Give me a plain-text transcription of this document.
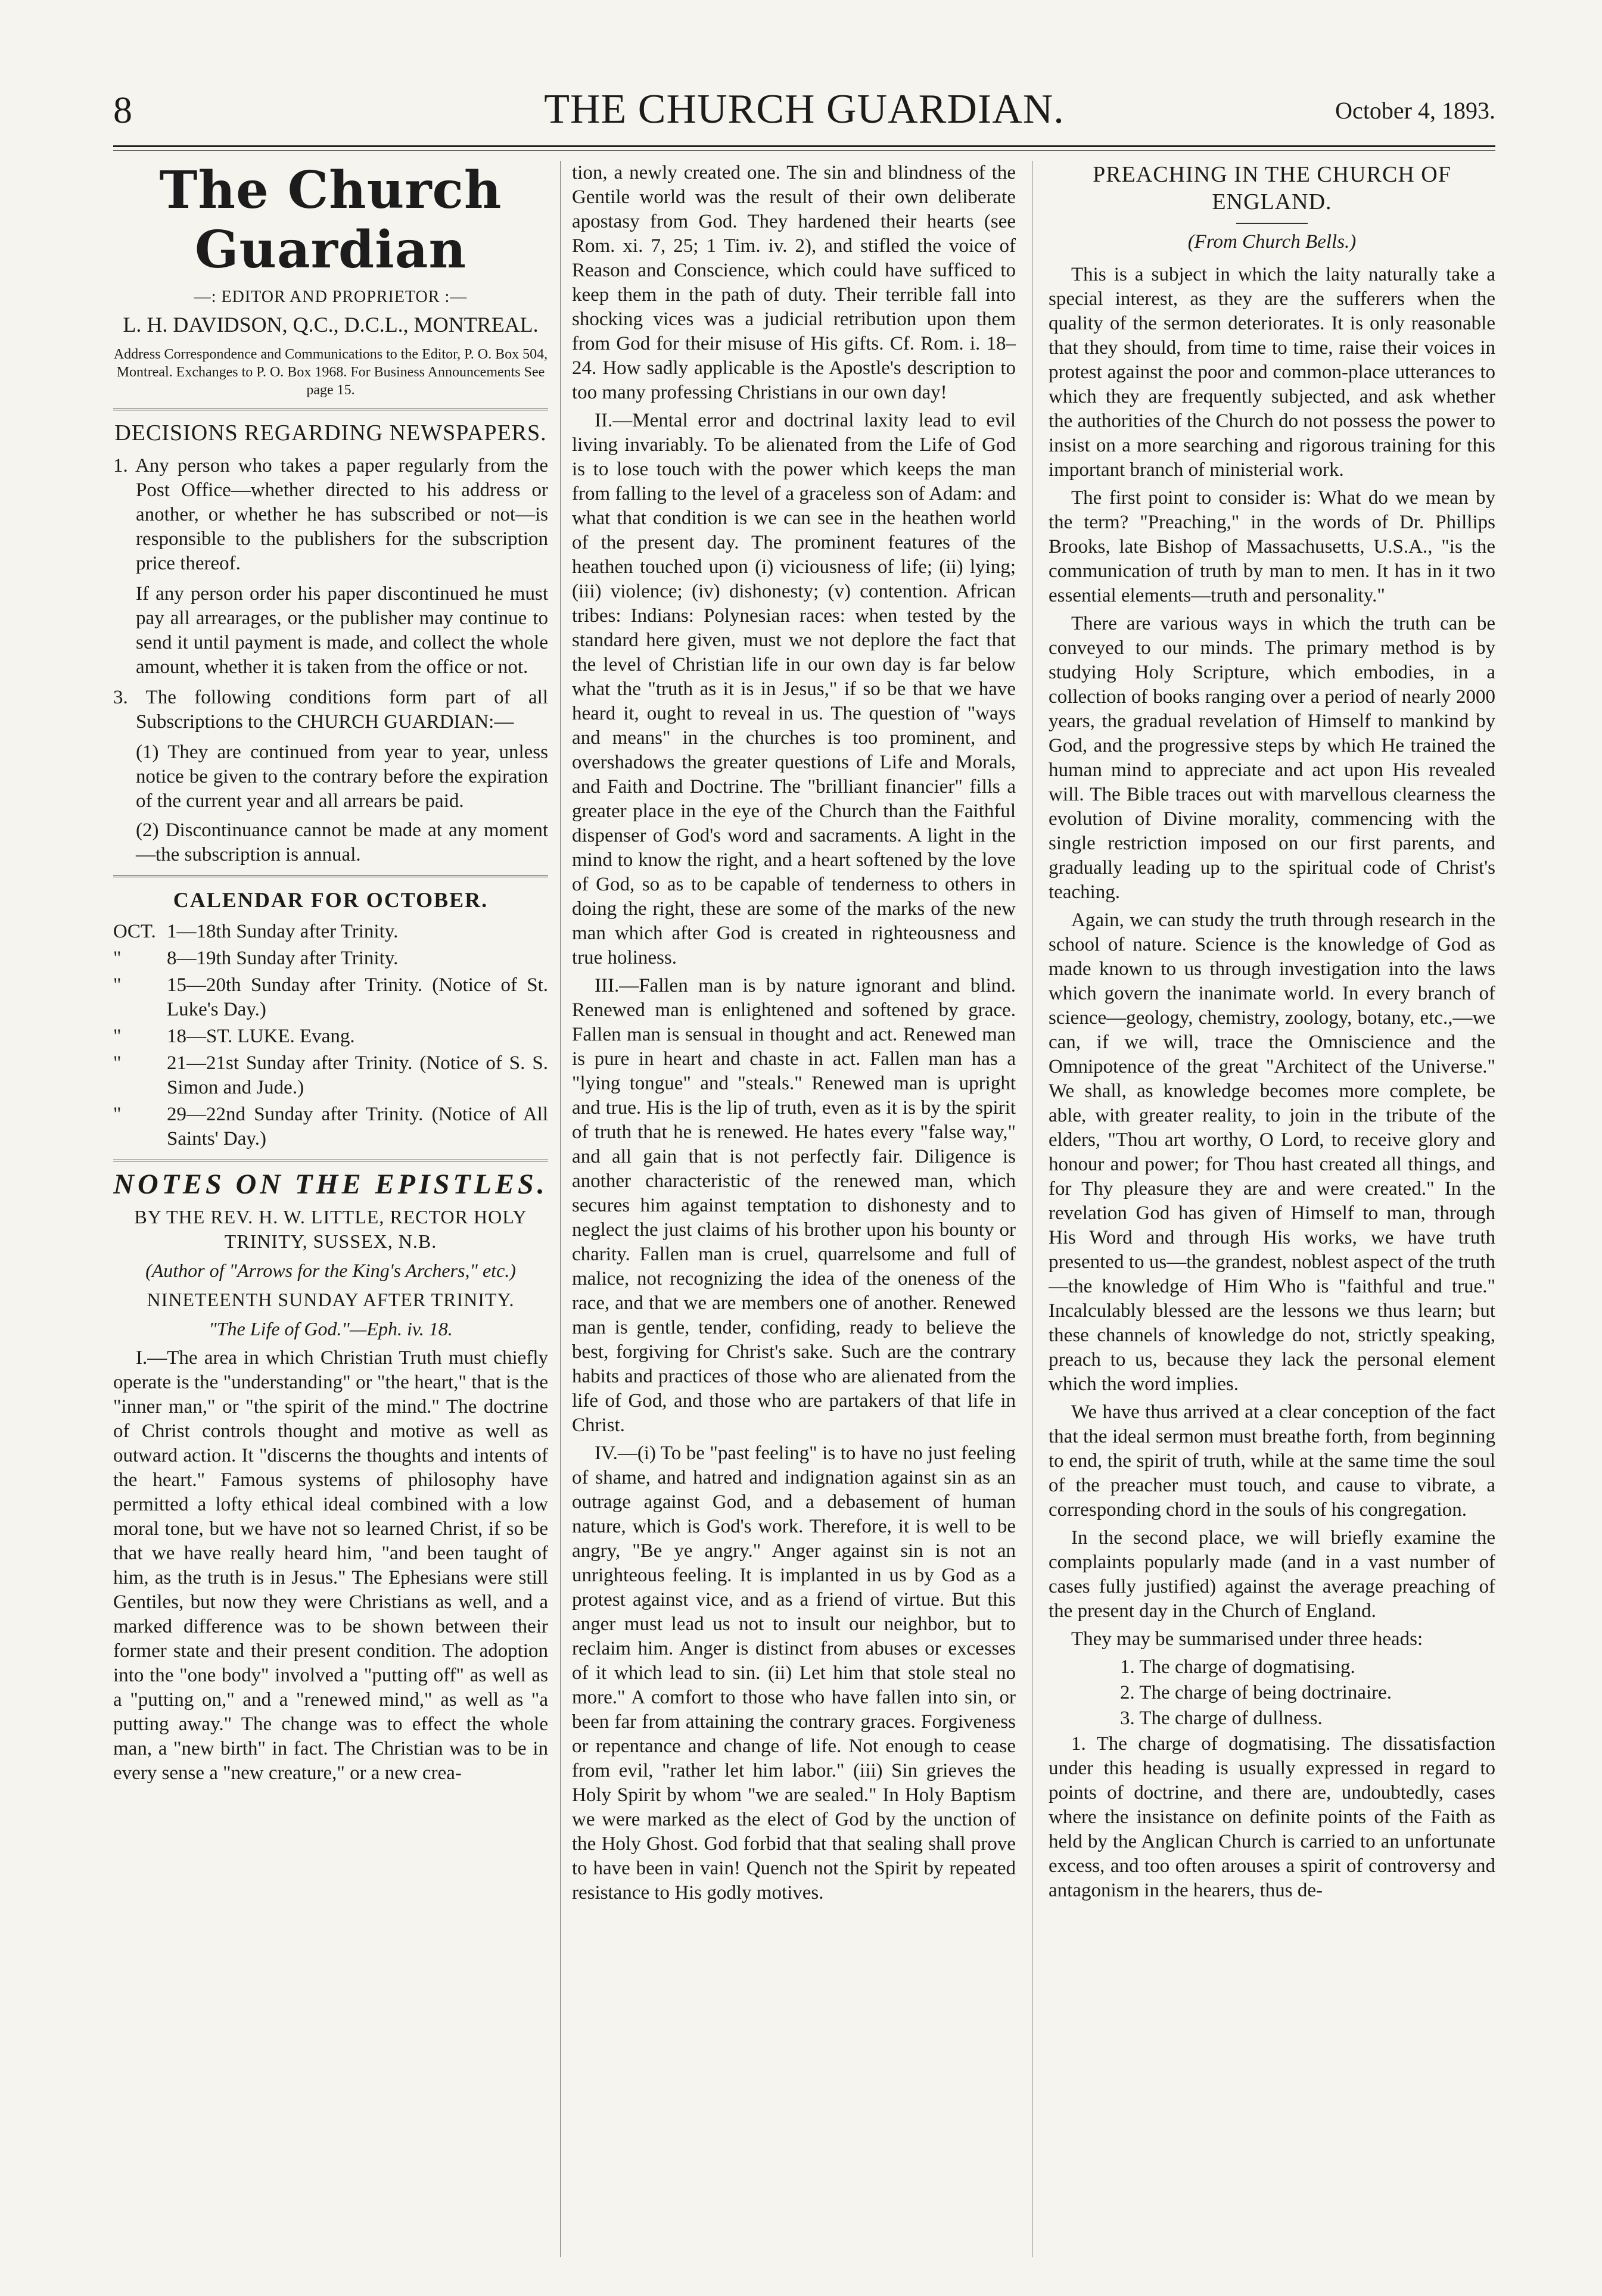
8	THE CHURCH GUARDIAN.	October 4, 1893.
The Church Guardian
—: EDITOR AND PROPRIETOR :—
L. H. DAVIDSON, Q.C., D.C.L., MONTREAL.
Address Correspondence and Communications to the Editor, P. O. Box 504, Montreal. Exchanges to P. O. Box 1968. For Business Announcements See page 15.
DECISIONS REGARDING NEWSPAPERS.
1. Any person who takes a paper regularly from the Post Office—whether directed to his address or another, or whether he has subscribed or not—is responsible to the publishers for the subscription price thereof.
If any person order his paper discontinued he must pay all arrearages, or the publisher may continue to send it until payment is made, and collect the whole amount, whether it is taken from the office or not.
3. The following conditions form part of all Subscriptions to the CHURCH GUARDIAN:—

(1) They are continued from year to year, unless notice be given to the contrary before the expiration of the current year and all arrears be paid.

(2) Discontinuance cannot be made at any moment—the subscription is annual.

CALENDAR FOR OCTOBER.
OCT. 1—18th Sunday after Trinity.
"	8—19th Sunday after Trinity.
"	15—20th Sunday after Trinity. (Notice of St. Luke's Day.)
"	18—ST. LUKE. Evang.
"	21—21st Sunday after Trinity. (Notice of S. S. Simon and Jude.)
"	29—22nd Sunday after Trinity. (Notice of All Saints' Day.)
NOTES ON THE EPISTLES.
BY THE REV. H. W. LITTLE, RECTOR HOLY TRINITY, SUSSEX, N.B.
(Author of "Arrows for the King's Archers," etc.)
NINETEENTH SUNDAY AFTER TRINITY.
"The Life of God."—Eph. iv. 18.

I.—The area in which Christian Truth must chiefly operate is the "understanding" or "the heart," that is the "inner man," or "the spirit of the mind." The doctrine of Christ controls thought and motive as well as outward action. It "discerns the thoughts and intents of the heart." Famous systems of philosophy have permitted a lofty ethical ideal combined with a low moral tone, but we have not so learned Christ, if so be that we have really heard him, "and been taught of him, as the truth is in Jesus." The Ephesians were still Gentiles, but now they were Christians as well, and a marked difference was to be shown between their former state and their present condition. The adoption into the "one body" involved a "putting off" as well as a "putting on," and a "renewed mind," as well as "a putting away." The change was to effect the whole man, a "new birth" in fact. The Christian was to be in every sense a "new creature," or a new crea-

tion, a newly created one. The sin and blindness of the Gentile world was the result of their own deliberate apostasy from God. They hardened their hearts (see Rom. xi. 7, 25; 1 Tim. iv. 2), and stifled the voice of Reason and Conscience, which could have sufficed to keep them in the path of duty. Their terrible fall into shocking vices was a judicial retribution upon them from God for their misuse of His gifts. Cf. Rom. i. 18–24. How sadly applicable is the Apostle's description to too many professing Christians in our own day!

II.—Mental error and doctrinal laxity lead to evil living invariably. To be alienated from the Life of God is to lose touch with the power which keeps the man from falling to the level of a graceless son of Adam: and what that condition is we can see in the heathen world of the present day. The prominent features of the heathen touched upon (i) viciousness of life; (ii) lying; (iii) violence; (iv) dishonesty; (v) contention. African tribes: Indians: Polynesian races: when tested by the standard here given, must we not deplore the fact that the level of Christian life in our own day is far below what the "truth as it is in Jesus," if so be that we have heard it, ought to reveal in us. The question of "ways and means" in the churches is too prominent, and overshadows the greater questions of Life and Morals, and Faith and Doctrine. The "brilliant financier" fills a greater place in the eye of the Church than the Faithful dispenser of God's word and sacraments. A light in the mind to know the right, and a heart softened by the love of God, so as to be capable of tenderness to others in doing the right, these are some of the marks of the new man which after God is created in righteousness and true holiness.

III.—Fallen man is by nature ignorant and blind. Renewed man is enlightened and softened by grace. Fallen man is sensual in thought and act. Renewed man is pure in heart and chaste in act. Fallen man has a "lying tongue" and "steals." Renewed man is upright and true. His is the lip of truth, even as it is by the spirit of truth that he is renewed. He hates every "false way," and all gain that is not perfectly fair. Diligence is another characteristic of the renewed man, which secures him against temptation to dishonesty and to neglect the just claims of his brother upon his bounty or charity. Fallen man is cruel, quarrelsome and full of malice, not recognizing the idea of the oneness of the race, and that we are members one of another. Renewed man is gentle, tender, confiding, ready to believe the best, forgiving for Christ's sake. Such are the contrary habits and practices of those who are alienated from the life of God, and those who are partakers of that life in Christ.

IV.—(i) To be "past feeling" is to have no just feeling of shame, and hatred and indignation against sin as an outrage against God, and a debasement of human nature, which is God's work. Therefore, it is well to be angry, "Be ye angry." Anger against sin is not an unrighteous feeling. It is implanted in us by God as a protest against vice, and as a friend of virtue. But this anger must lead us not to insult our neighbor, but to reclaim him. Anger is distinct from abuses or excesses of it which lead to sin. (ii) Let him that stole steal no more." A comfort to those who have fallen into sin, or been far from attaining the contrary graces. Forgiveness or repentance and change of life. Not enough to cease from evil, "rather let him labor." (iii) Sin grieves the Holy Spirit by whom "we are sealed." In Holy Baptism we were marked as the elect of God by the unction of the Holy Ghost. God forbid that that sealing shall prove to have been in vain! Quench not the Spirit by repeated resistance to His godly motives.

PREACHING IN THE CHURCH OF ENGLAND.
(From Church Bells.)

This is a subject in which the laity naturally take a special interest, as they are the sufferers when the quality of the sermon deteriorates. It is only reasonable that they should, from time to time, raise their voices in protest against the poor and common-place utterances to which they are frequently subjected, and ask whether the authorities of the Church do not possess the power to insist on a more searching and rigorous training for this important branch of ministerial work.

The first point to consider is: What do we mean by the term? "Preaching," in the words of Dr. Phillips Brooks, late Bishop of Massachusetts, U.S.A., "is the communication of truth by man to men. It has in it two essential elements—truth and personality."

There are various ways in which the truth can be conveyed to our minds. The primary method is by studying Holy Scripture, which embodies, in a collection of books ranging over a period of nearly 2000 years, the gradual revelation of Himself to mankind by God, and the progressive steps by which He trained the human mind to appreciate and act upon His revealed will. The Bible traces out with marvellous clearness the evolution of Divine morality, commencing with the single restriction imposed on our first parents, and gradually leading up to the spiritual code of Christ's teaching.

Again, we can study the truth through research in the school of nature. Science is the knowledge of God as made known to us through investigation into the laws which govern the inanimate world. In every branch of science—geology, chemistry, zoology, botany, etc.,—we can, if we will, trace the Omniscience and the Omnipotence of the great "Architect of the Universe." We shall, as knowledge becomes more complete, be able, with greater reality, to join in the tribute of the elders, "Thou art worthy, O Lord, to receive glory and honour and power; for Thou hast created all things, and for Thy pleasure they are and were created." In the revelation God has given of Himself to man, through His Word and through His works, we have truth presented to us—the grandest, noblest aspect of the truth—the knowledge of Him Who is "faithful and true." Incalculably blessed are the lessons we thus learn; but these channels of knowledge do not, strictly speaking, preach to us, because they lack the personal element which the word implies.

We have thus arrived at a clear conception of the fact that the ideal sermon must breathe forth, from beginning to end, the spirit of truth, while at the same time the soul of the preacher must touch, and cause to vibrate, a corresponding chord in the souls of his congregation.

In the second place, we will briefly examine the complaints popularly made (and in a vast number of cases fully justified) against the average preaching of the present day in the Church of England.

They may be summarised under three heads:

1. The charge of dogmatising.
2. The charge of being doctrinaire.
3. The charge of dullness.

1. The charge of dogmatising. The dissatisfaction under this heading is usually expressed in regard to points of doctrine, and there are, undoubtedly, cases where the insistance on definite points of the Faith as held by the Anglican Church is carried to an unfortunate excess, and too often arouses a spirit of controversy and antagonism in the hearers, thus de-
